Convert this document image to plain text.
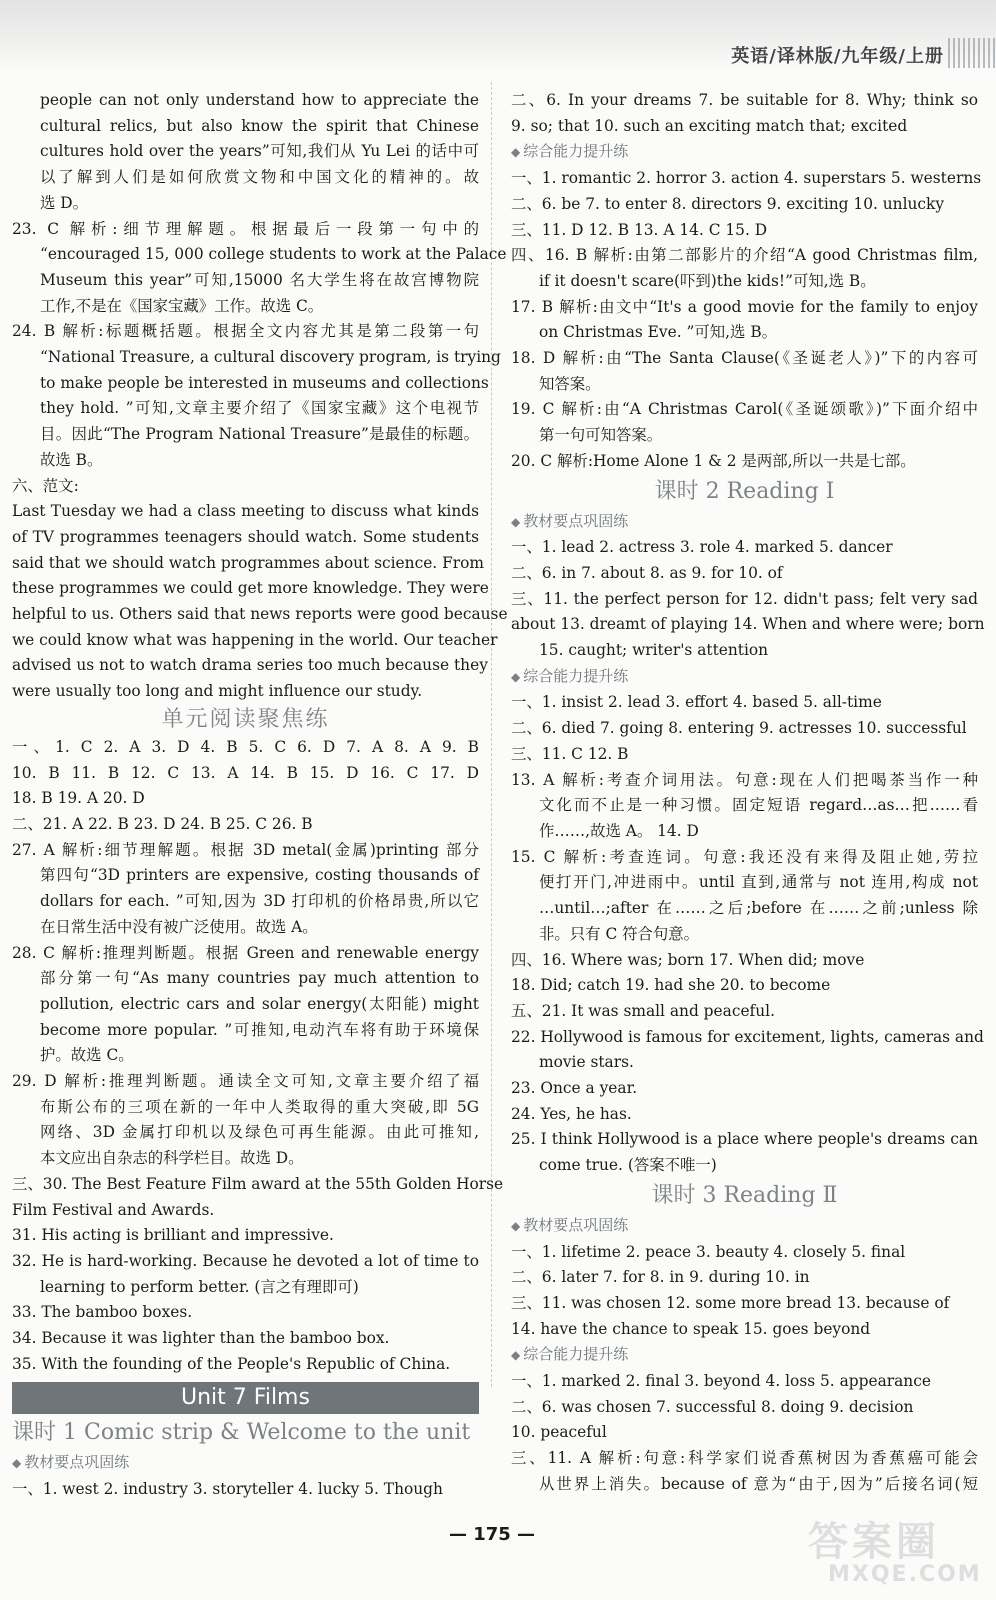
英语/译林版/九年级/上册
people can not only understand how to appreciate the
cultural relics, but also know the spirit that Chinese
cultures hold over the years”可知,我们从 Yu Lei 的话中可
以了解到人们是如何欣赏文物和中国文化的精神的。故
选 D。
23. C 解析:细节理解题。根据最后一段第一句中的
“encouraged 15, 000 college students to work at the Palace
Museum this year”可知,15000 名大学生将在故宫博物院
工作,不是在《国家宝藏》工作。故选 C。
24. B 解析:标题概括题。根据全文内容尤其是第二段第一句
“National Treasure, a cultural discovery program, is trying
to make people be interested in museums and collections
they hold. ”可知,文章主要介绍了《国家宝藏》这个电视节
目。因此“The Program National Treasure”是最佳的标题。
故选 B。
六、范文:
Last Tuesday we had a class meeting to discuss what kinds
of TV programmes teenagers should watch. Some students
said that we should watch programmes about science. From
these programmes we could get more knowledge. They were
helpful to us. Others said that news reports were good because
we could know what was happening in the world. Our teacher
advised us not to watch drama series too much because they
were usually too long and might influence our study.
单元阅读聚焦练
一、1. C 2. A 3. D 4. B 5. C 6. D 7. A 8. A 9. B
10. B 11. B 12. C 13. A 14. B 15. D 16. C 17. D
18. B 19. A 20. D
二、21. A 22. B 23. D 24. B 25. C 26. B
27. A 解析:细节理解题。根据 3D metal(金属)printing 部分
第四句“3D printers are expensive, costing thousands of
dollars for each. ”可知,因为 3D 打印机的价格昂贵,所以它
在日常生活中没有被广泛使用。故选 A。
28. C 解析:推理判断题。根据 Green and renewable energy
部分第一句“As many countries pay much attention to
pollution, electric cars and solar energy(太阳能) might
become more popular. ”可推知,电动汽车将有助于环境保
护。故选 C。
29. D 解析:推理判断题。通读全文可知,文章主要介绍了福
布斯公布的三项在新的一年中人类取得的重大突破,即 5G
网络、3D 金属打印机以及绿色可再生能源。由此可推知,
本文应出自杂志的科学栏目。故选 D。
三、30. The Best Feature Film award at the 55th Golden Horse
Film Festival and Awards.
31. His acting is brilliant and impressive.
32. He is hard-working. Because he devoted a lot of time to
learning to perform better. (言之有理即可)
33. The bamboo boxes.
34. Because it was lighter than the bamboo box.
35. With the founding of the People's Republic of China.
Unit 7 Films
课时 1 Comic strip & Welcome to the unit
◆ 教材要点巩固练
一、1. west 2. industry 3. storyteller 4. lucky 5. Though
二、6. In your dreams 7. be suitable for 8. Why; think so
9. so; that 10. such an exciting match that; excited
◆ 综合能力提升练
一、1. romantic 2. horror 3. action 4. superstars 5. westerns
二、6. be 7. to enter 8. directors 9. exciting 10. unlucky
三、11. D 12. B 13. A 14. C 15. D
四、16. B 解析:由第二部影片的介绍“A good Christmas film,
if it doesn't scare(吓到)the kids!”可知,选 B。
17. B 解析:由文中“It's a good movie for the family to enjoy
on Christmas Eve. ”可知,选 B。
18. D 解析:由“The Santa Clause(《圣诞老人》)”下的内容可
知答案。
19. C 解析:由“A Christmas Carol(《圣诞颂歌》)”下面介绍中
第一句可知答案。
20. C 解析:Home Alone 1 & 2 是两部,所以一共是七部。
课时 2 Reading Ⅰ
◆ 教材要点巩固练
一、1. lead 2. actress 3. role 4. marked 5. dancer
二、6. in 7. about 8. as 9. for 10. of
三、11. the perfect person for 12. didn't pass; felt very sad
about 13. dreamt of playing 14. When and where were; born
15. caught; writer's attention
◆ 综合能力提升练
一、1. insist 2. lead 3. effort 4. based 5. all-time
二、6. died 7. going 8. entering 9. actresses 10. successful
三、11. C 12. B
13. A 解析:考查介词用法。句意:现在人们把喝茶当作一种
文化而不止是一种习惯。固定短语 regard…as…把……看
作……,故选 A。 14. D
15. C 解析:考查连词。句意:我还没有来得及阻止她,劳拉
便打开门,冲进雨中。until 直到,通常与 not 连用,构成 not
…until…;after 在……之后;before 在……之前;unless 除
非。只有 C 符合句意。
四、16. Where was; born 17. When did; move
18. Did; catch 19. had she 20. to become
五、21. It was small and peaceful.
22. Hollywood is famous for excitement, lights, cameras and
movie stars.
23. Once a year.
24. Yes, he has.
25. I think Hollywood is a place where people's dreams can
come true. (答案不唯一)
课时 3 Reading Ⅱ
◆ 教材要点巩固练
一、1. lifetime 2. peace 3. beauty 4. closely 5. final
二、6. later 7. for 8. in 9. during 10. in
三、11. was chosen 12. some more bread 13. because of
14. have the chance to speak 15. goes beyond
◆ 综合能力提升练
一、1. marked 2. final 3. beyond 4. loss 5. appearance
二、6. was chosen 7. successful 8. doing 9. decision
10. peaceful
三、11. A 解析:句意:科学家们说香蕉树因为香蕉癌可能会
从世界上消失。because of 意为“由于,因为”后接名词(短
— 175 —	答案圈
MXQE.COM
